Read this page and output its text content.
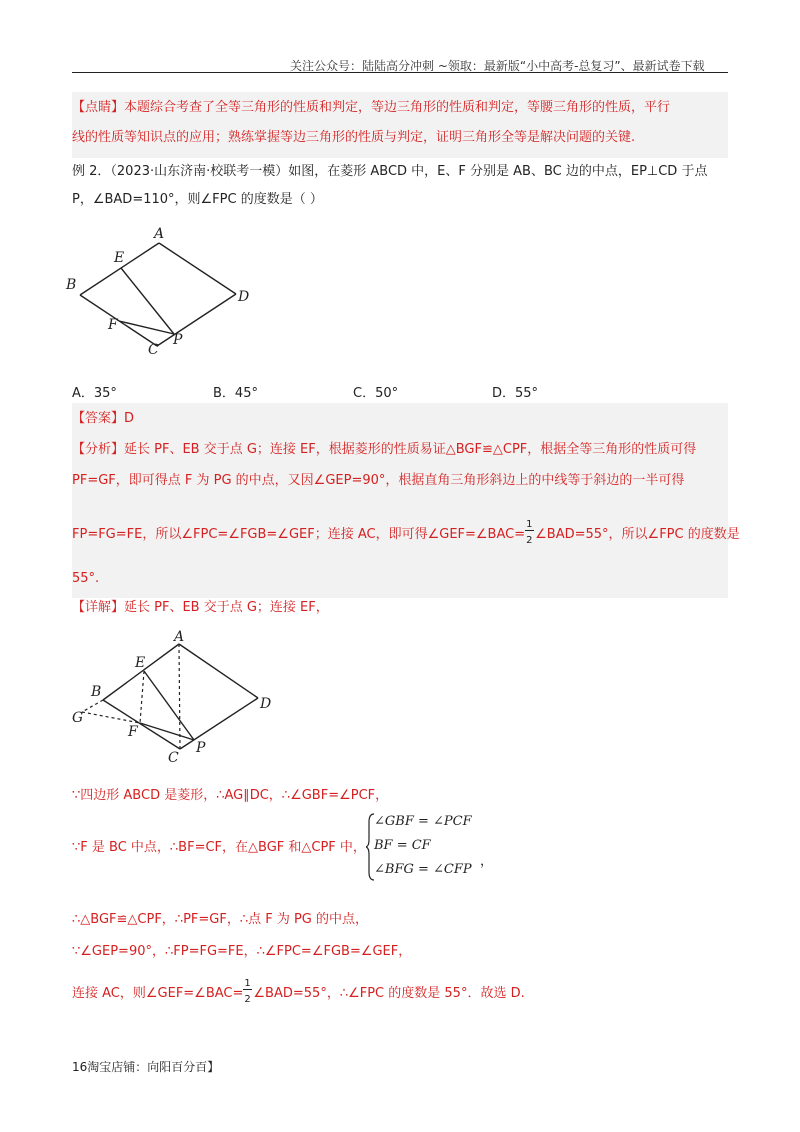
关注公众号：陆陆高分冲刺 ~领取：最新版“小中高考-总复习”、最新试卷下载
【点睛】本题综合考查了全等三角形的性质和判定，等边三角形的性质和判定，等腰三角形的性质，平行
线的性质等知识点的应用；熟练掌握等边三角形的性质与判定，证明三角形全等是解决问题的关键.
例 2．（2023·山东济南·校联考一模）如图，在菱形 ABCD 中，E、F 分别是 AB、BC 边的中点，EP⊥CD 于点
P，∠BAD=110°，则∠FPC 的度数是（ ）
A
B
E
D
F
C
P
A．35°	B．45°	C．50°	D．55°
【答案】D
【分析】延长 PF、EB 交于点 G；连接 EF，根据菱形的性质易证△BGF≌△CPF，根据全等三角形的性质可得
PF=GF，即可得点 F 为 PG 的中点，又因∠GEP=90°，根据直角三角形斜边上的中线等于斜边的一半可得
FP=FG=FE，所以∠FPC=∠FGB=∠GEF；连接 AC，即可得∠GEF=∠BAC= $\frac{1}{2}$ ∠BAD=55°，所以∠FPC 的度数是
55°.
【详解】延长 PF、EB 交于点 G；连接 EF，
A
E
B
G
D
F
P
C
∵四边形 ABCD 是菱形，∴AG∥DC，∴∠GBF=∠PCF，
∵F 是 BC 中点，∴BF=CF，在△BGF 和△CPF 中，
∠GBF = ∠PCF
BF = CF
∠BFG = ∠CFP
，
∴△BGF≌△CPF，∴PF=GF，∴点 F 为 PG 的中点，
∵∠GEP=90°，∴FP=FG=FE，∴∠FPC=∠FGB=∠GEF，
连接 AC，则∠GEF=∠BAC= $\frac{1}{2}$ ∠BAD=55°，∴∠FPC 的度数是 55°．故选 D.
16淘宝店铺：向阳百分百】
